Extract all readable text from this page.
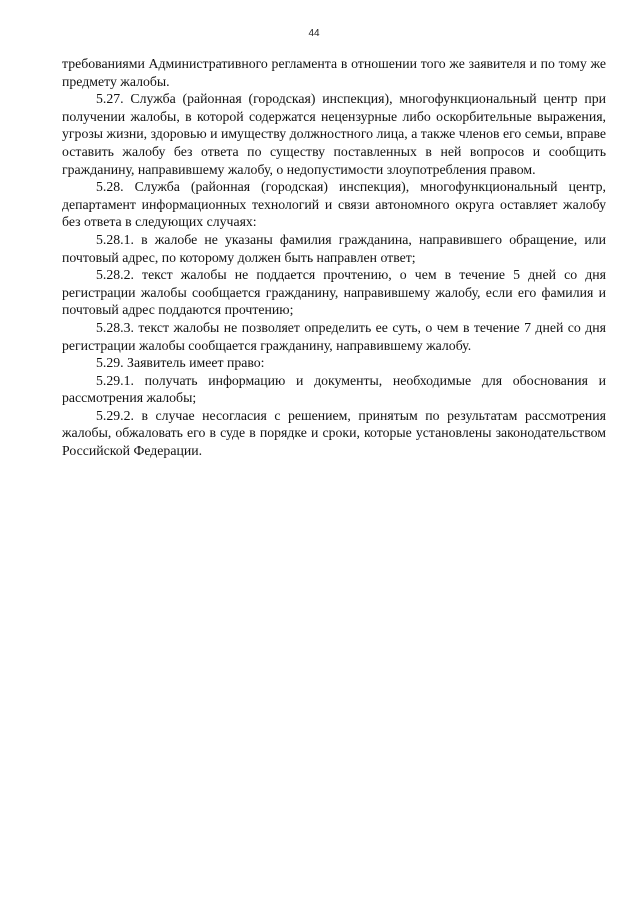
44

требованиями Административного регламента в отношении того же заявителя и по тому же предмету жалобы.

5.27. Служба (районная (городская) инспекция), многофункциональный центр при получении жалобы, в которой содержатся нецензурные либо оскорбительные выражения, угрозы жизни, здоровью и имуществу должностного лица, а также членов его семьи, вправе оставить жалобу без ответа по существу поставленных в ней вопросов и сообщить гражданину, направившему жалобу, о недопустимости злоупотребления правом.

5.28. Служба (районная (городская) инспекция), многофункциональный центр, департамент информационных технологий и связи автономного округа оставляет жалобу без ответа в следующих случаях:

5.28.1. в жалобе не указаны фамилия гражданина, направившего обращение, или почтовый адрес, по которому должен быть направлен ответ;

5.28.2. текст жалобы не поддается прочтению, о чем в течение 5 дней со дня регистрации жалобы сообщается гражданину, направившему жалобу, если его фамилия и почтовый адрес поддаются прочтению;

5.28.3. текст жалобы не позволяет определить ее суть, о чем в течение 7 дней со дня регистрации жалобы сообщается гражданину, направившему жалобу.

5.29. Заявитель имеет право:

5.29.1. получать информацию и документы, необходимые для обоснования и рассмотрения жалобы;

5.29.2. в случае несогласия с решением, принятым по результатам рассмотрения жалобы, обжаловать его в суде в порядке и сроки, которые установлены законодательством Российской Федерации.
